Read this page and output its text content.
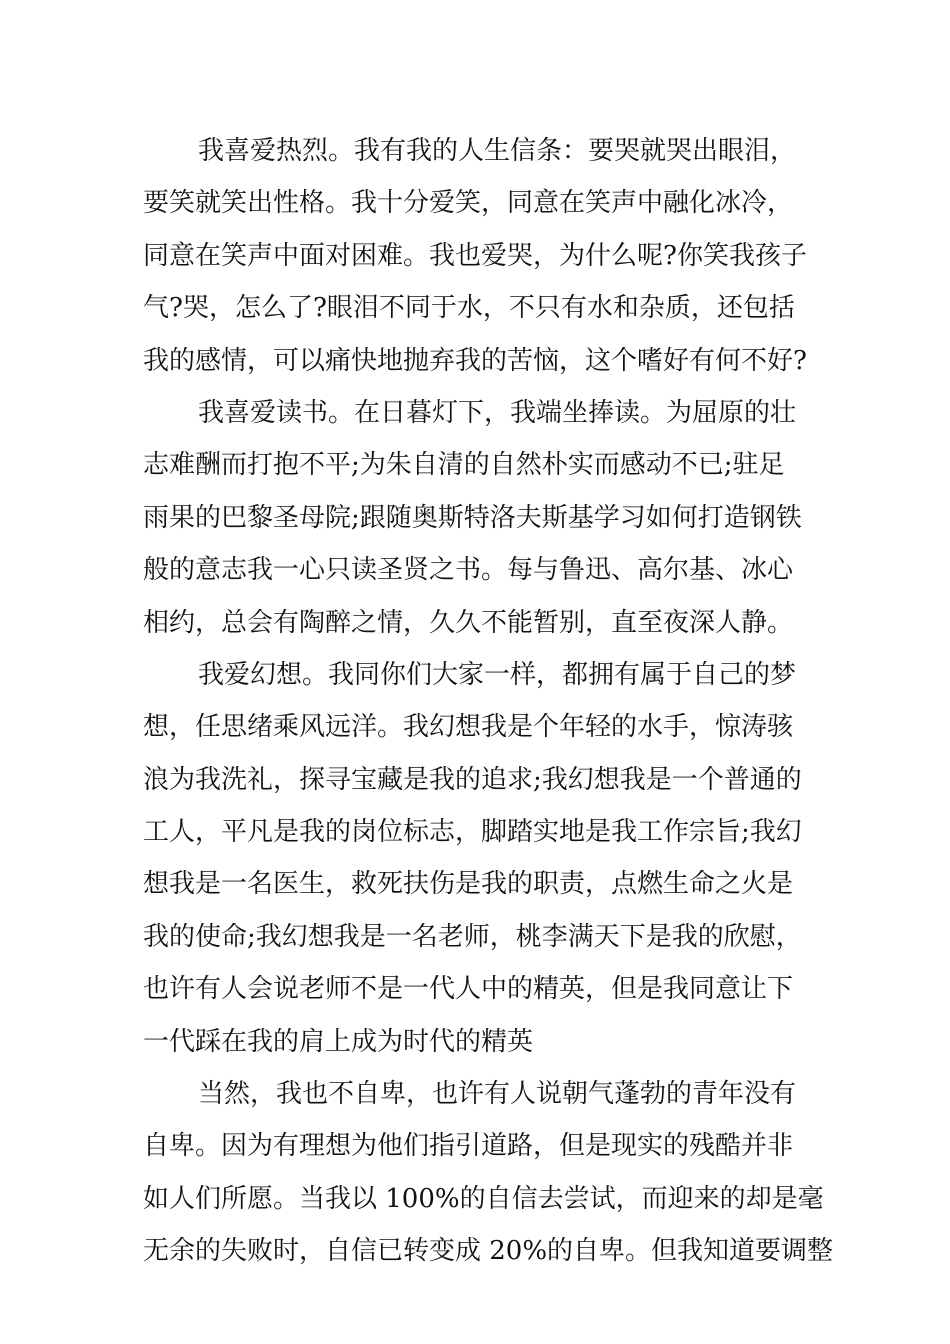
我喜爱热烈。我有我的人生信条：要哭就哭出眼泪，
要笑就笑出性格。我十分爱笑，同意在笑声中融化冰冷，
同意在笑声中面对困难。我也爱哭，为什么呢?你笑我孩子
气?哭，怎么了?眼泪不同于水，不只有水和杂质，还包括
我的感情，可以痛快地抛弃我的苦恼，这个嗜好有何不好?
我喜爱读书。在日暮灯下，我端坐捧读。为屈原的壮
志难酬而打抱不平;为朱自清的自然朴实而感动不已;驻足
雨果的巴黎圣母院;跟随奥斯特洛夫斯基学习如何打造钢铁
般的意志我一心只读圣贤之书。每与鲁迅、高尔基、冰心
相约，总会有陶醉之情，久久不能暂别，直至夜深人静。
我爱幻想。我同你们大家一样，都拥有属于自己的梦
想，任思绪乘风远洋。我幻想我是个年轻的水手，惊涛骇
浪为我洗礼，探寻宝藏是我的追求;我幻想我是一个普通的
工人，平凡是我的岗位标志，脚踏实地是我工作宗旨;我幻
想我是一名医生，救死扶伤是我的职责，点燃生命之火是
我的使命;我幻想我是一名老师，桃李满天下是我的欣慰，
也许有人会说老师不是一代人中的精英，但是我同意让下
一代踩在我的肩上成为时代的精英
当然，我也不自卑，也许有人说朝气蓬勃的青年没有
自卑。因为有理想为他们指引道路，但是现实的残酷并非
如人们所愿。当我以 100%的自信去尝试，而迎来的却是毫
无余的失败时，自信已转变成 20%的自卑。但我知道要调整
